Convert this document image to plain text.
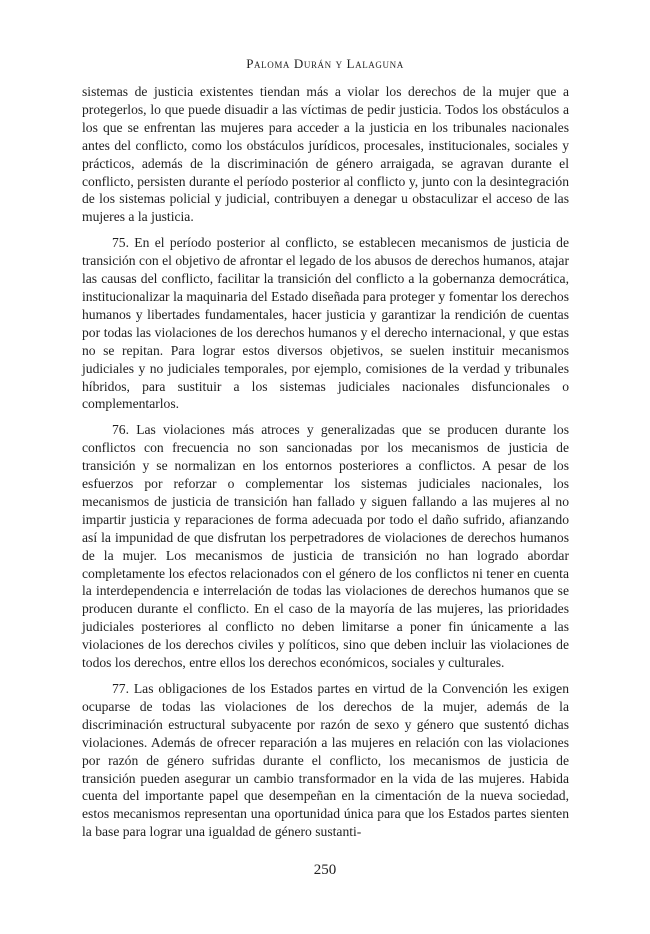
Paloma Durán y Lalaguna

sistemas de justicia existentes tiendan más a violar los derechos de la mujer que a protegerlos, lo que puede disuadir a las víctimas de pedir justicia. Todos los obstáculos a los que se enfrentan las mujeres para acceder a la justicia en los tribunales nacionales antes del conflicto, como los obstáculos jurídicos, procesales, institucionales, sociales y prácticos, además de la discriminación de género arraigada, se agravan durante el conflicto, persisten durante el período posterior al conflicto y, junto con la desintegración de los sistemas policial y judicial, contribuyen a denegar u obstaculizar el acceso de las mujeres a la justicia.

75. En el período posterior al conflicto, se establecen mecanismos de justicia de transición con el objetivo de afrontar el legado de los abusos de derechos humanos, atajar las causas del conflicto, facilitar la transición del conflicto a la gobernanza democrática, institucionalizar la maquinaria del Estado diseñada para proteger y fomentar los derechos humanos y libertades fundamentales, hacer justicia y garantizar la rendición de cuentas por todas las violaciones de los derechos humanos y el derecho internacional, y que estas no se repitan. Para lograr estos diversos objetivos, se suelen instituir mecanismos judiciales y no judiciales temporales, por ejemplo, comisiones de la verdad y tribunales híbridos, para sustituir a los sistemas judiciales nacionales disfuncionales o complementarlos.

76. Las violaciones más atroces y generalizadas que se producen durante los conflictos con frecuencia no son sancionadas por los mecanismos de justicia de transición y se normalizan en los entornos posteriores a conflictos. A pesar de los esfuerzos por reforzar o complementar los sistemas judiciales nacionales, los mecanismos de justicia de transición han fallado y siguen fallando a las mujeres al no impartir justicia y reparaciones de forma adecuada por todo el daño sufrido, afianzando así la impunidad de que disfrutan los perpetradores de violaciones de derechos humanos de la mujer. Los mecanismos de justicia de transición no han logrado abordar completamente los efectos relacionados con el género de los conflictos ni tener en cuenta la interdependencia e interrelación de todas las violaciones de derechos humanos que se producen durante el conflicto. En el caso de la mayoría de las mujeres, las prioridades judiciales posteriores al conflicto no deben limitarse a poner fin únicamente a las violaciones de los derechos civiles y políticos, sino que deben incluir las violaciones de todos los derechos, entre ellos los derechos económicos, sociales y culturales.

77. Las obligaciones de los Estados partes en virtud de la Convención les exigen ocuparse de todas las violaciones de los derechos de la mujer, además de la discriminación estructural subyacente por razón de sexo y género que sustentó dichas violaciones. Además de ofrecer reparación a las mujeres en relación con las violaciones por razón de género sufridas durante el conflicto, los mecanismos de justicia de transición pueden asegurar un cambio transformador en la vida de las mujeres. Habida cuenta del importante papel que desempeñan en la cimentación de la nueva sociedad, estos mecanismos representan una oportunidad única para que los Estados partes sienten la base para lograr una igualdad de género sustanti-

250
